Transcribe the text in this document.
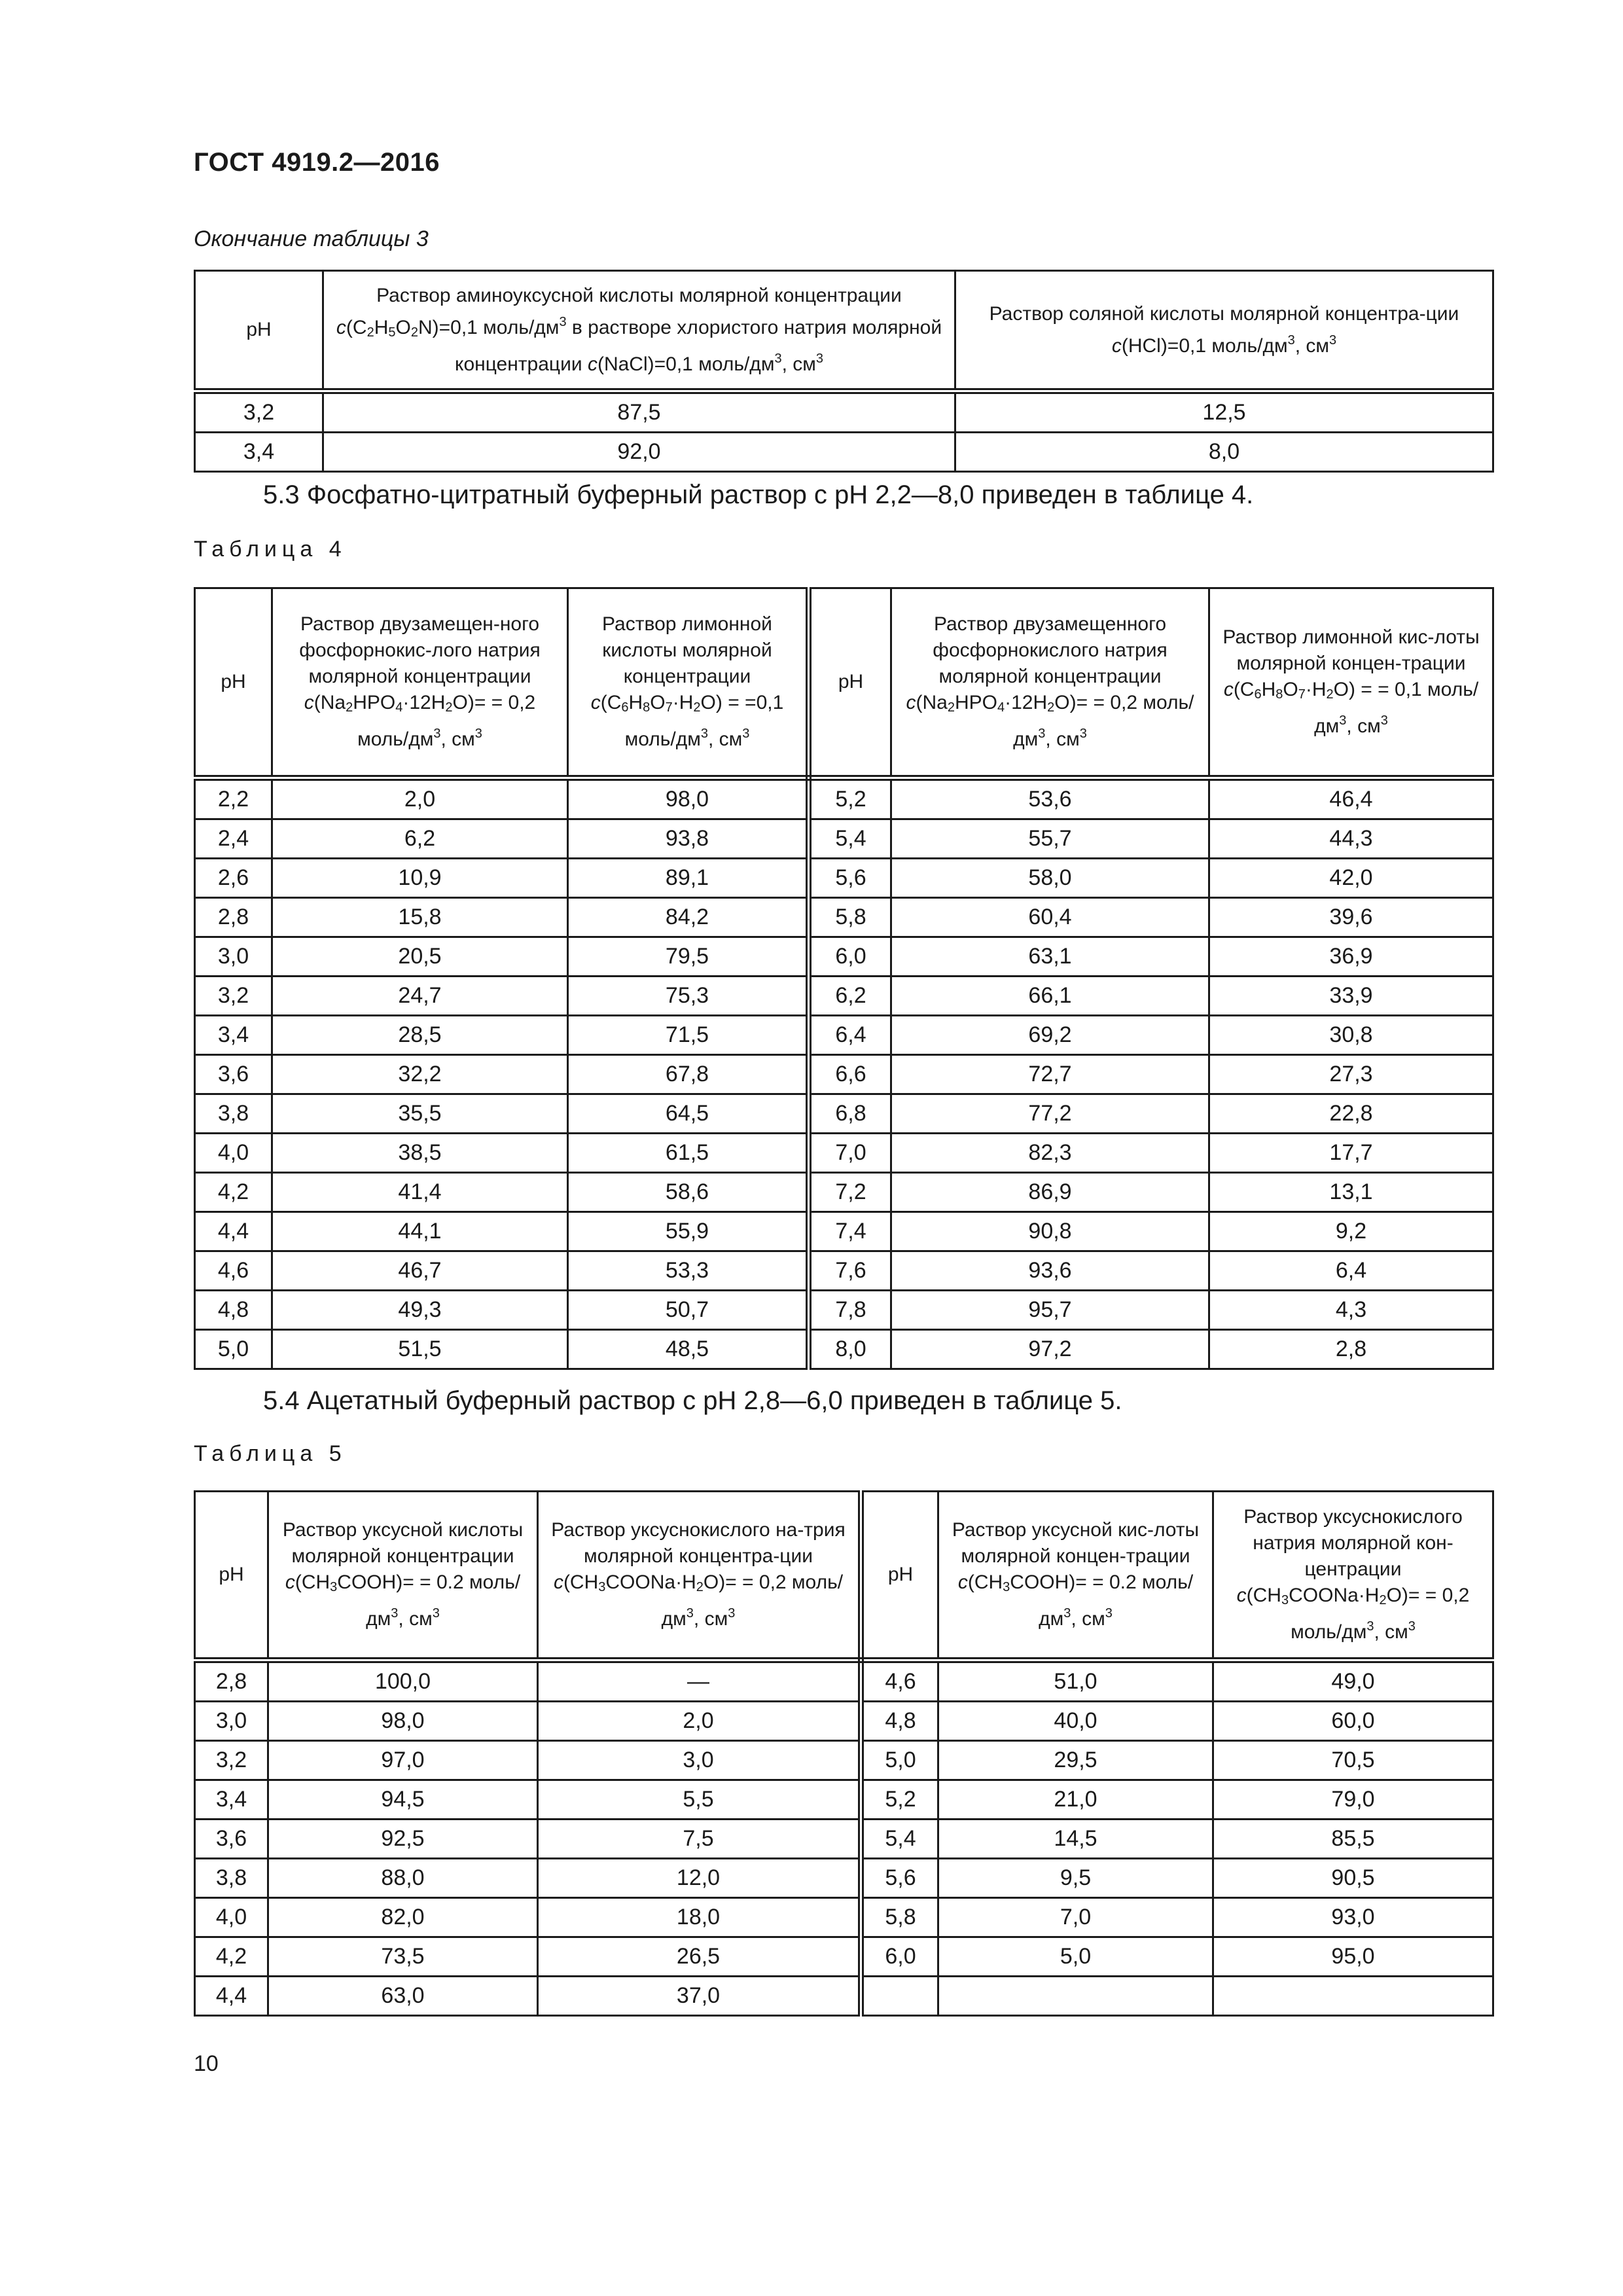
ГОСТ 4919.2—2016
Окончание таблицы 3
pH	Раствор аминоуксусной кислоты молярной концентрации $c(C_2H_5O_2N)=0,1$ моль/$дм^3$ в растворе хлористого натрия молярной концентрации c(NaCl)=0,1 моль/$дм^3$, $см^3$	Раствор соляной кислоты молярной концентра-ции c(HCl)=0,1 моль/$дм^3$, $см^3$
3,2	87,5	12,5
3,4	92,0	8,0
5.3 Фосфатно-цитратный буферный раствор с pH 2,2—8,0 приведен в таблице 4.
Таблица 4
pH	Раствор двузамещен-ного фосфорнокис-лого натрия молярной концентрации $c(Na_2HPO_4\cdot 12H_2O)= = 0,2$ моль/$дм^3$, $см^3$	Раствор лимонной кислоты молярной концентрации $c(C_6H_8O_7\cdot H_2O) = =0,1$ моль/$дм^3$, $см^3$	pH	Раствор двузамещенного фосфорнокислого натрия молярной концентрации $c(Na_2HPO_4\cdot 12H_2O)= = 0,2$ моль/$дм^3$, $см^3$	Раствор лимонной кис-лоты молярной концен-трации $c(C_6H_8O_7\cdot H_2O)$ = = 0,1 моль/$дм^3$, $см^3$
2,2	2,0	98,0	5,2	53,6	46,4
2,4	6,2	93,8	5,4	55,7	44,3
2,6	10,9	89,1	5,6	58,0	42,0
2,8	15,8	84,2	5,8	60,4	39,6
3,0	20,5	79,5	6,0	63,1	36,9
3,2	24,7	75,3	6,2	66,1	33,9
3,4	28,5	71,5	6,4	69,2	30,8
3,6	32,2	67,8	6,6	72,7	27,3
3,8	35,5	64,5	6,8	77,2	22,8
4,0	38,5	61,5	7,0	82,3	17,7
4,2	41,4	58,6	7,2	86,9	13,1
4,4	44,1	55,9	7,4	90,8	9,2
4,6	46,7	53,3	7,6	93,6	6,4
4,8	49,3	50,7	7,8	95,7	4,3
5,0	51,5	48,5	8,0	97,2	2,8
5.4 Ацетатный буферный раствор с pH 2,8—6,0 приведен в таблице 5.
Таблица 5
pH	Раствор уксусной кислоты молярной концентрации $c(CH_3COOH)= = 0.2$ моль/$дм^3$, $см^3$	Раствор уксуснокислого на-трия молярной концентра-ции $c(CH_3COONa\cdot H_2O)= = 0,2$ моль/$дм^3$, $см^3$	pH	Раствор уксусной кис-лоты молярной концен-трации $c(CH_3COOH)= = 0.2$ моль/$дм^3$, $см^3$	Раствор уксуснокислого натрия молярной кон-центрации $c(CH_3COONa\cdot H_2O)= = 0,2$ моль/$дм^3$, $см^3$
2,8	100,0	—	4,6	51,0	49,0
3,0	98,0	2,0	4,8	40,0	60,0
3,2	97,0	3,0	5,0	29,5	70,5
3,4	94,5	5,5	5,2	21,0	79,0
3,6	92,5	7,5	5,4	14,5	85,5
3,8	88,0	12,0	5,6	9,5	90,5
4,0	82,0	18,0	5,8	7,0	93,0
4,2	73,5	26,5	6,0	5,0	95,0
4,4	63,0	37,0			
10
